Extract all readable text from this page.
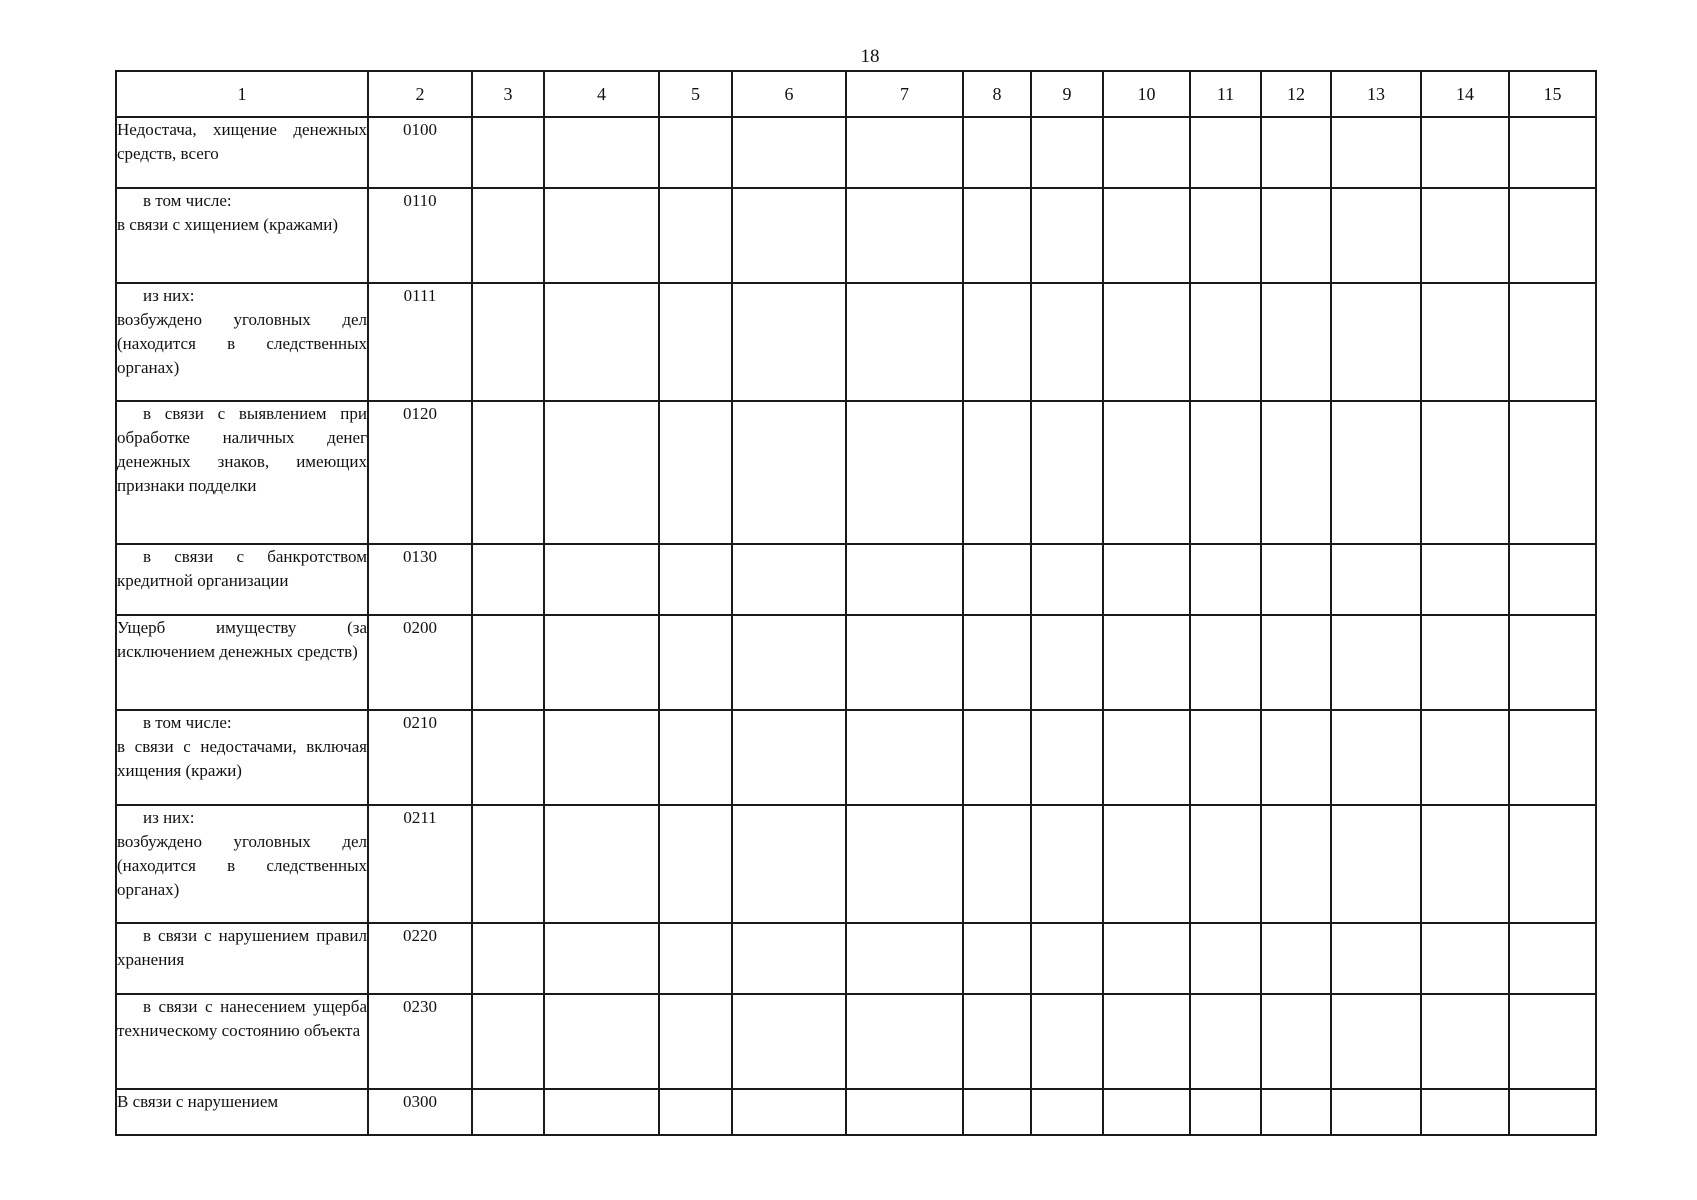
18
1	2	3	4	5	6	7	8	9	10	11	12	13	14	15
Недостача, хищение денежных средств, всего	0100													
в том числе:
в связи с хищением (кражами)	0110													
из них:
возбуждено уголовных дел (находится в следственных органах)	0111													
в связи с выявлением при обработке наличных денег денежных знаков, имеющих признаки подделки	0120													
в связи с банкротством кредитной организации	0130													
Ущерб имуществу (за исключением денежных средств)	0200													
в том числе:
в связи с недостачами, включая хищения (кражи)	0210													
из них:
возбуждено уголовных дел (находится в следственных органах)	0211													
в связи с нарушением правил хранения	0220													
в связи с нанесением ущерба техническому состоянию объекта	0230													
В связи с нарушением	0300													
